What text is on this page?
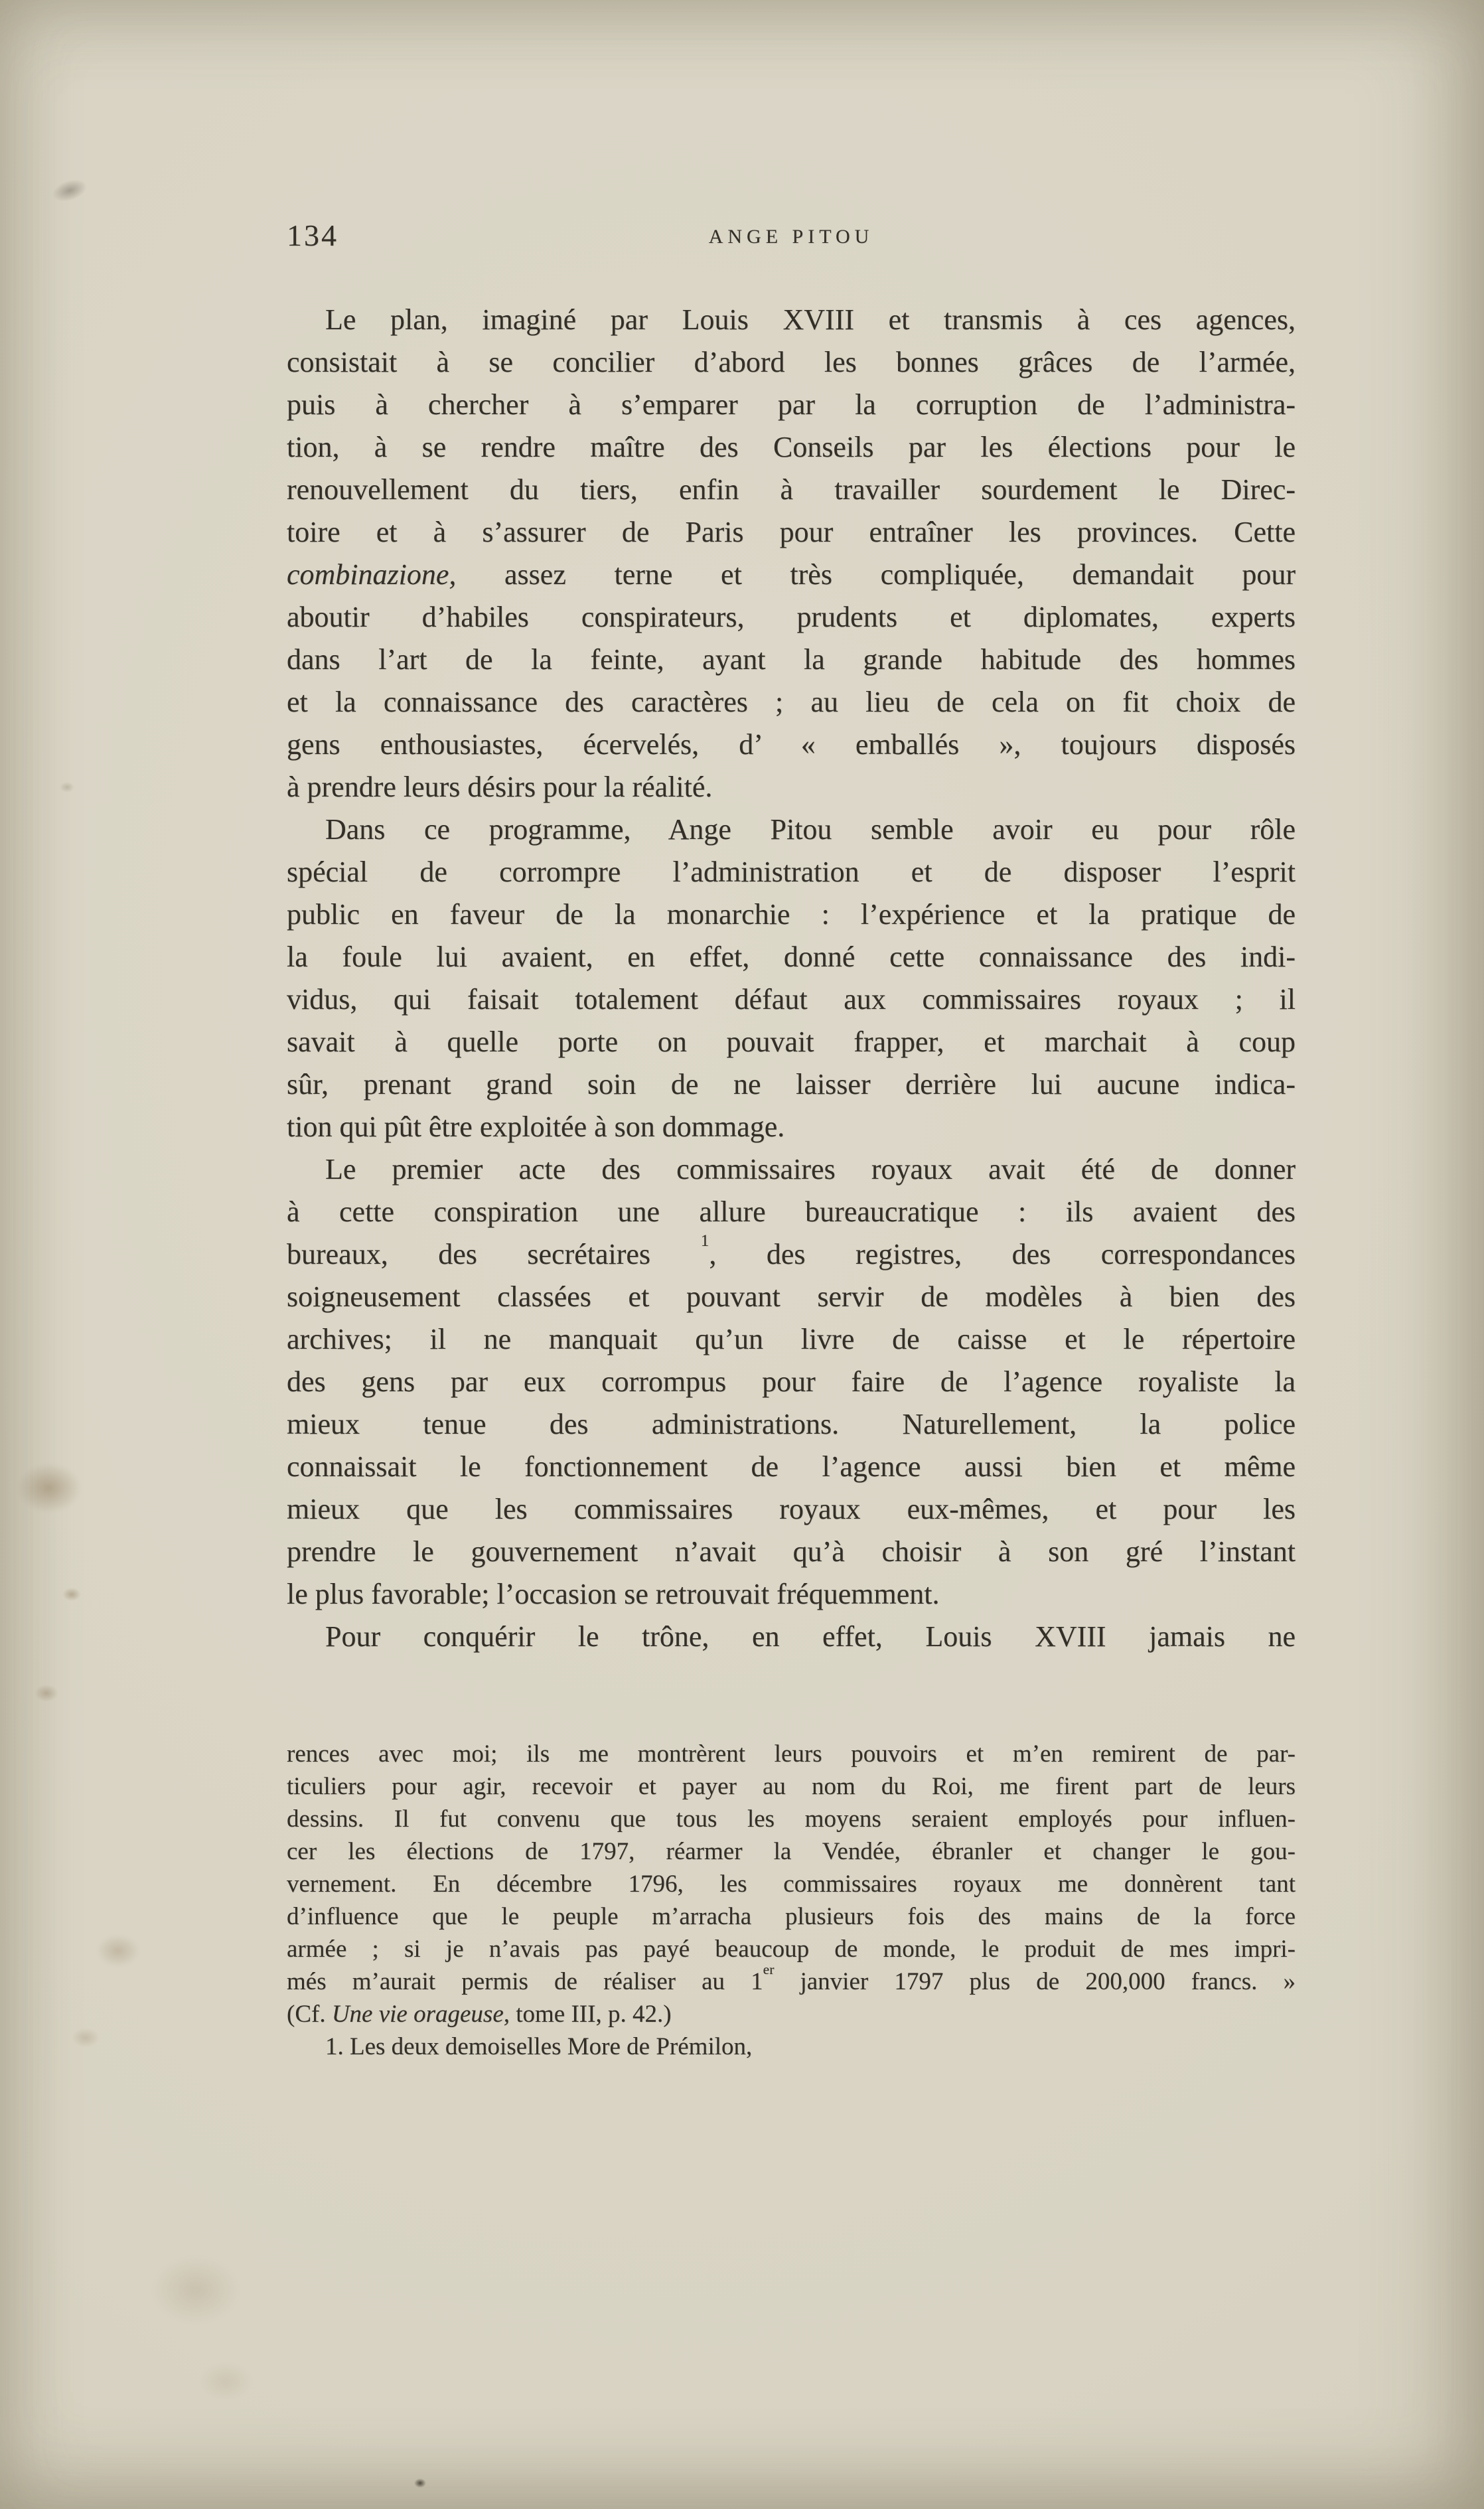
134	ANGE PITOU
Le plan, imaginé par Louis XVIII et transmis à ces agences,
consistait à se concilier d’abord les bonnes grâces de l’armée,
puis à chercher à s’emparer par la corruption de l’administra-
tion, à se rendre maître des Conseils par les élections pour le
renouvellement du tiers, enfin à travailler sourdement le Direc-
toire et à s’assurer de Paris pour entraîner les provinces. Cette
combinazione, assez terne et très compliquée, demandait pour
aboutir d’habiles conspirateurs, prudents et diplomates, experts
dans l’art de la feinte, ayant la grande habitude des hommes
et la connaissance des caractères ; au lieu de cela on fit choix de
gens enthousiastes, écervelés, d’ « emballés », toujours disposés
à prendre leurs désirs pour la réalité.
Dans ce programme, Ange Pitou semble avoir eu pour rôle
spécial de corrompre l’administration et de disposer l’esprit
public en faveur de la monarchie : l’expérience et la pratique de
la foule lui avaient, en effet, donné cette connaissance des indi-
vidus, qui faisait totalement défaut aux commissaires royaux ; il
savait à quelle porte on pouvait frapper, et marchait à coup
sûr, prenant grand soin de ne laisser derrière lui aucune indica-
tion qui pût être exploitée à son dommage.
Le premier acte des commissaires royaux avait été de donner
à cette conspiration une allure bureaucratique : ils avaient des
bureaux, des secrétaires $^1$, des registres, des correspondances
soigneusement classées et pouvant servir de modèles à bien des
archives; il ne manquait qu’un livre de caisse et le répertoire
des gens par eux corrompus pour faire de l’agence royaliste la
mieux tenue des administrations. Naturellement, la police
connaissait le fonctionnement de l’agence aussi bien et même
mieux que les commissaires royaux eux-mêmes, et pour les
prendre le gouvernement n’avait qu’à choisir à son gré l’instant
le plus favorable; l’occasion se retrouvait fréquemment.
Pour conquérir le trône, en effet, Louis XVIII jamais ne
rences avec moi; ils me montrèrent leurs pouvoirs et m’en remirent de par-
ticuliers pour agir, recevoir et payer au nom du Roi, me firent part de leurs
dessins. Il fut convenu que tous les moyens seraient employés pour influen-
cer les élections de 1797, réarmer la Vendée, ébranler et changer le gou-
vernement. En décembre 1796, les commissaires royaux me donnèrent tant
d’influence que le peuple m’arracha plusieurs fois des mains de la force
armée ; si je n’avais pas payé beaucoup de monde, le produit de mes impri-
més m’aurait permis de réaliser au 1er janvier 1797 plus de 200,000 francs. »
(Cf. Une vie orageuse, tome III, p. 42.)
1. Les deux demoiselles More de Prémilon,
